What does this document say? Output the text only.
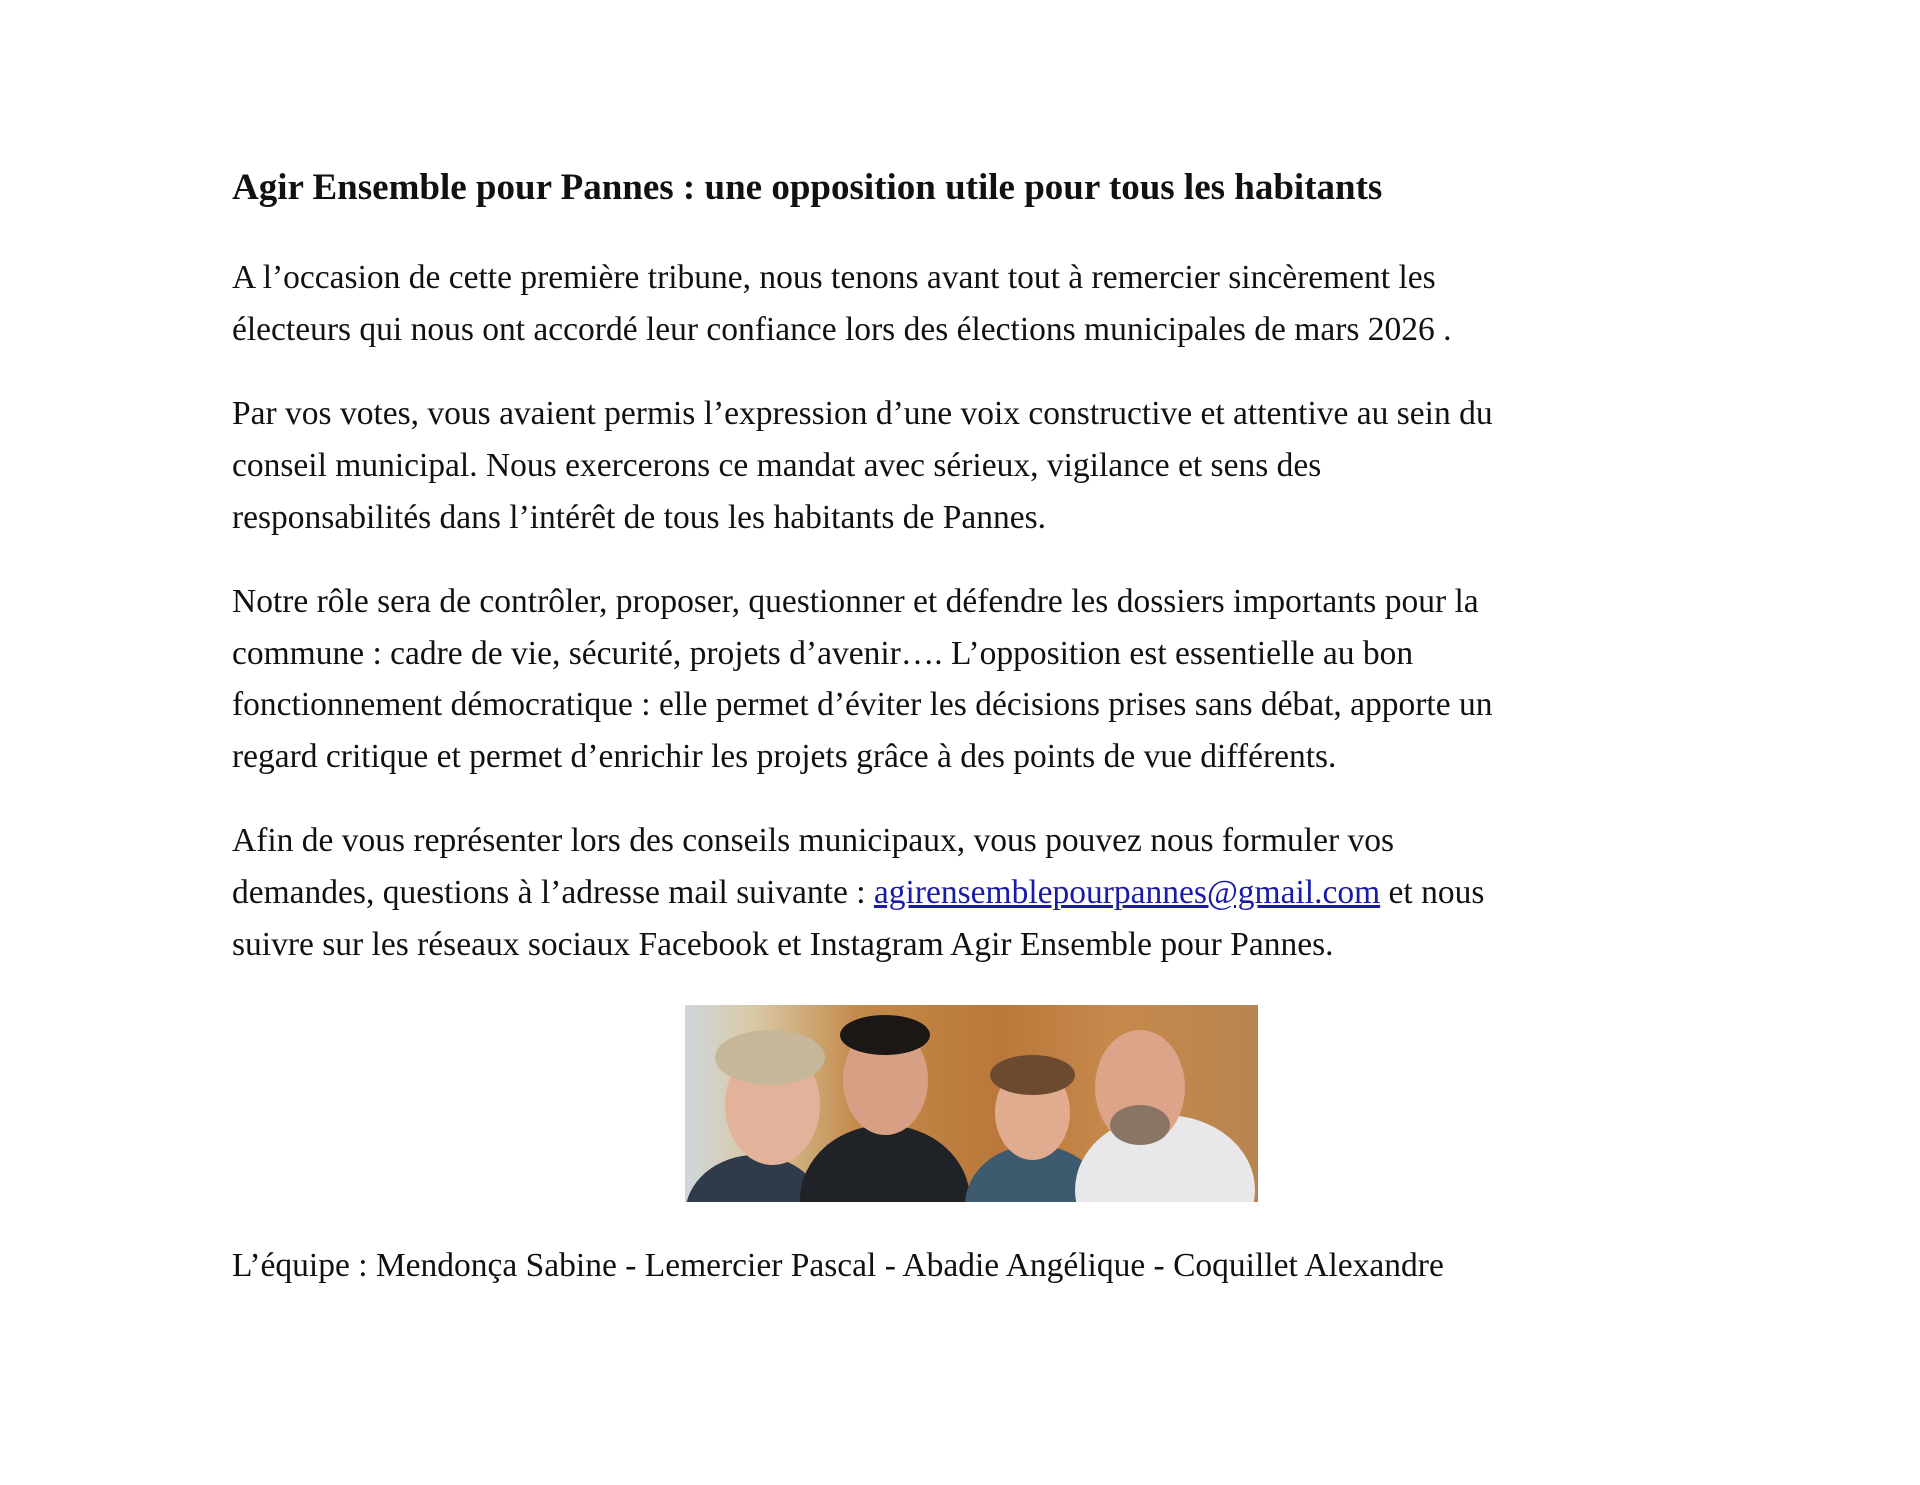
Agir Ensemble pour Pannes : une opposition utile pour tous les habitants
A l’occasion de cette première tribune, nous tenons avant tout à remercier sincèrement les
électeurs qui nous ont accordé leur confiance lors des élections municipales de mars 2026 .
Par vos votes, vous avaient permis l’expression d’une voix constructive et attentive au sein du
conseil municipal. Nous exercerons ce mandat avec sérieux, vigilance et sens des
responsabilités dans l’intérêt de tous les habitants de Pannes.
Notre rôle sera de contrôler, proposer, questionner et défendre les dossiers importants pour la
commune : cadre de vie, sécurité, projets d’avenir…. L’opposition est essentielle au bon
fonctionnement démocratique : elle permet d’éviter les décisions prises sans débat, apporte un
regard critique et permet d’enrichir les projets grâce à des points de vue différents.
Afin de vous représenter lors des conseils municipaux, vous pouvez nous formuler vos
demandes, questions à l’adresse mail suivante : agirensemblepourpannes@gmail.com et nous
suivre sur les réseaux sociaux Facebook et Instagram Agir Ensemble pour Pannes.
L’équipe : Mendonça Sabine - Lemercier Pascal - Abadie Angélique - Coquillet Alexandre
